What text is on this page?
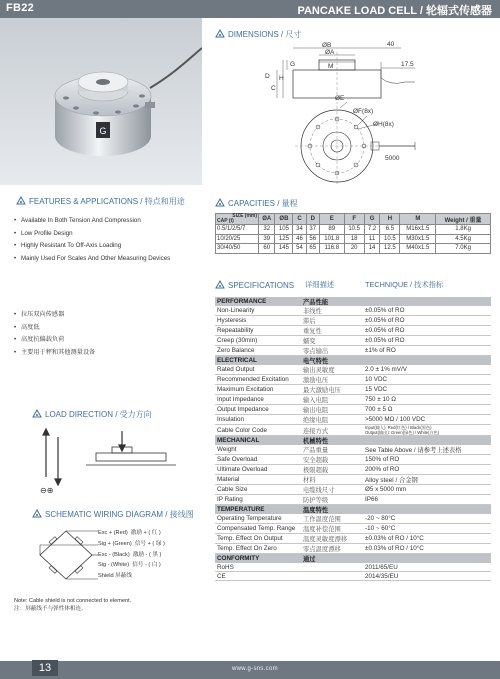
FB22	PANCAKE LOAD CELL / 轮辐式传感器
G
DIMENSIONS / 尺寸
ØB
ØA
M
40
17.5
G
H
C
D
ØE
ØF(8x)
ØH(8x)
5000
FEATURES & APPLICATIONS / 特点和用途
• Available In Both Tension And Compression
• Low Profile Design
• Highly Resistant To Off-Axis Loading
• Mainly Used For Scales And Other Measuring Devices
• 拉压双向传感器
• 高度低
• 高度抗偏载负荷
• 主要用于秤和其他测量设备
CAPACITIES / 量程
SIZE (mm)
CAP (t)	ØA	ØB	C	D	E	F	G	H	M	Weight / 重量
0.5/1/2/5/7	32	105	34	37	89	10.5	7.2	6.5	M16x1.5	1.8Kg
10/20/25	39	125	46	56	101.8	18	11	10.5	M30x1.5	4.5Kg
30/40/50	60	145	54	65	116.8	20	14	12.5	M40x1.5	7.0Kg
SPECIFICATIONS 详细描述	TECHNIQUE / 技术指标
PERFORMANCE	产品性能	
Non-Linearity	非线性	±0.05% of RO
Hysteresis	滞后	±0.05% of RO
Repeatability	重复性	±0.05% of RO
Creep (30min)	蠕变	±0.05% of RO
Zero Balance	零点输出	±1% of RO
ELECTRICAL	电气特性	
Rated Output	输出灵敏度	2.0 ± 1% mV/V
Recommended Excitation	激励电压	10 VDC
Maximum Excitation	最大激励电压	15 VDC
Input Impedance	输入电阻	750 ± 10 Ω
Output Impedance	输出电阻	700 ± 5 Ω
Insulation	绝缘电阻	>5000 MΩ / 100 VDC
Cable Color Code	连接方式	Input(输入): Red(红色) / Black(黑色)
Output(输出): Green(绿色) / White(白色)
MECHANICAL	机械特性	
Weight	产品重量	See Table Above / 请参考上述表格
Safe Overload	安全超载	150% of RO
Ultimate Overload	极限超载	200% of RO
Material	材料	Alloy steel / 合金钢
Cable Size	电缆线尺寸	Ø5 x 5000 mm
IP Rating	防护等级	IP66
TEMPERATURE	温度特性	
Operating Temperature	工作温度范围	-20 ~ 80°C
Compensated Temp. Range	温度补偿范围	-10 ~ 60°C
Temp. Effect On Output	温度灵敏度漂移	±0.03% of RO / 10°C
Temp. Effect On Zero	零点温度漂移	±0.03% of RO / 10°C
CONFORMITY	通过	
RoHS		2011/65/EU
CE		2014/35/EU
LOAD DIRECTION / 受力方向
⊖⊕
SCHEMATIC WIRING DIAGRAM / 接线图
Exc + (Red) 激励 + ( 红 )
Sig + (Green) 信号 + ( 绿 )
Exc - (Black) 激励 - ( 黑 )
Sig - (White) 信号 - ( 白 )
Shield 屏蔽线
Note: Cable shield is not connected to element.
注：屏蔽线不与弹性体相连。
13	www.g-sns.com
